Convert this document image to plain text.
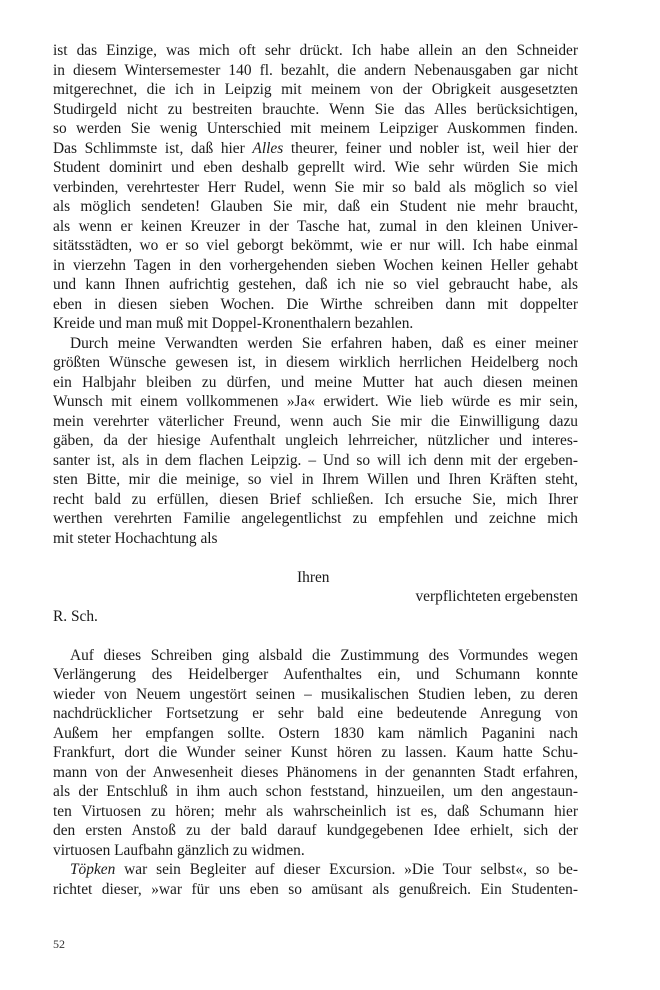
ist das Einzige, was mich oft sehr drückt. Ich habe allein an den Schneider
in diesem Wintersemester 140 fl. bezahlt, die andern Nebenausgaben gar nicht
mitgerechnet, die ich in Leipzig mit meinem von der Obrigkeit ausgesetzten
Studirgeld nicht zu bestreiten brauchte. Wenn Sie das Alles berücksichtigen,
so werden Sie wenig Unterschied mit meinem Leipziger Auskommen finden.
Das Schlimmste ist, daß hier Alles theurer, feiner und nobler ist, weil hier der
Student dominirt und eben deshalb geprellt wird. Wie sehr würden Sie mich
verbinden, verehrtester Herr Rudel, wenn Sie mir so bald als möglich so viel
als möglich sendeten! Glauben Sie mir, daß ein Student nie mehr braucht,
als wenn er keinen Kreuzer in der Tasche hat, zumal in den kleinen Univer-
sitätsstädten, wo er so viel geborgt bekömmt, wie er nur will. Ich habe einmal
in vierzehn Tagen in den vorhergehenden sieben Wochen keinen Heller gehabt
und kann Ihnen aufrichtig gestehen, daß ich nie so viel gebraucht habe, als
eben in diesen sieben Wochen. Die Wirthe schreiben dann mit doppelter
Kreide und man muß mit Doppel-Kronenthalern bezahlen.
Durch meine Verwandten werden Sie erfahren haben, daß es einer meiner
größten Wünsche gewesen ist, in diesem wirklich herrlichen Heidelberg noch
ein Halbjahr bleiben zu dürfen, und meine Mutter hat auch diesen meinen
Wunsch mit einem vollkommenen »Ja« erwidert. Wie lieb würde es mir sein,
mein verehrter väterlicher Freund, wenn auch Sie mir die Einwilligung dazu
gäben, da der hiesige Aufenthalt ungleich lehrreicher, nützlicher und interes-
santer ist, als in dem flachen Leipzig. – Und so will ich denn mit der ergeben-
sten Bitte, mir die meinige, so viel in Ihrem Willen und Ihren Kräften steht,
recht bald zu erfüllen, diesen Brief schließen. Ich ersuche Sie, mich Ihrer
werthen verehrten Familie angelegentlichst zu empfehlen und zeichne mich
mit steter Hochachtung als
Ihren
verpflichteten ergebensten
R. Sch.
Auf dieses Schreiben ging alsbald die Zustimmung des Vormundes wegen
Verlängerung des Heidelberger Aufenthaltes ein, und Schumann konnte
wieder von Neuem ungestört seinen – musikalischen Studien leben, zu deren
nachdrücklicher Fortsetzung er sehr bald eine bedeutende Anregung von
Außem her empfangen sollte. Ostern 1830 kam nämlich Paganini nach
Frankfurt, dort die Wunder seiner Kunst hören zu lassen. Kaum hatte Schu-
mann von der Anwesenheit dieses Phänomens in der genannten Stadt erfahren,
als der Entschluß in ihm auch schon feststand, hinzueilen, um den angestaun-
ten Virtuosen zu hören; mehr als wahrscheinlich ist es, daß Schumann hier
den ersten Anstoß zu der bald darauf kundgegebenen Idee erhielt, sich der
virtuosen Laufbahn gänzlich zu widmen.
Töpken war sein Begleiter auf dieser Excursion. »Die Tour selbst«, so be-
richtet dieser, »war für uns eben so amüsant als genußreich. Ein Studenten-
52
